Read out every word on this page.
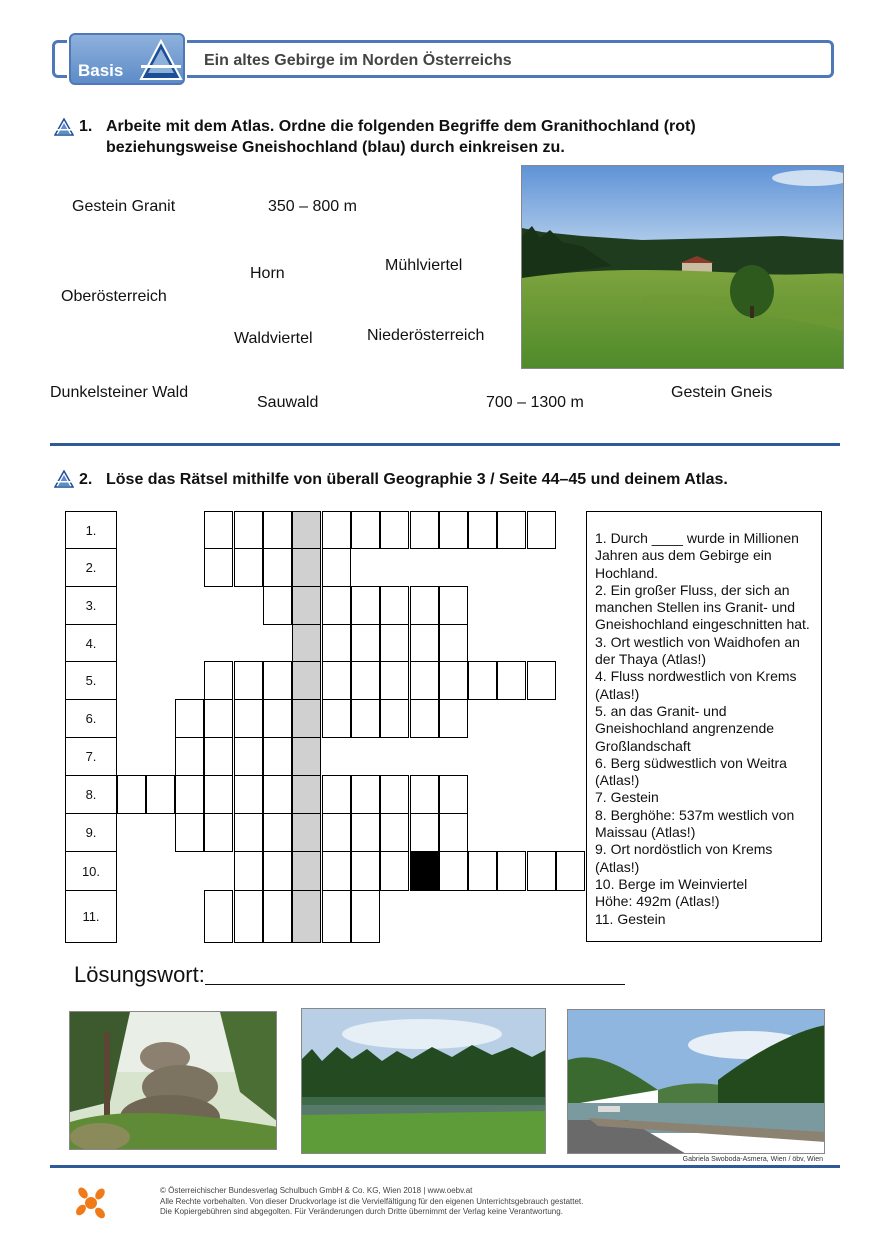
Basis
Ein altes Gebirge im Norden Österreichs
1. Arbeite mit dem Atlas. Ordne die folgenden Begriffe dem Granithochland (rot)
beziehungsweise Gneishochland (blau) durch einkreisen zu.
Gestein Granit	350 – 800 m
Horn	Mühlviertel
Oberösterreich
Waldviertel	Niederösterreich
Dunkelsteiner Wald
Sauwald	700 – 1300 m
Gestein Gneis
2. Löse das Rätsel mithilfe von überall Geographie 3 / Seite 44–45 und deinem Atlas.
1.
2.
3.
4.
5.
6.
7.
8.
9.
10.
11.
1. Durch ____ wurde in Millionen Jahren aus dem Gebirge ein Hochland.
2. Ein großer Fluss, der sich an manchen Stellen ins Granit- und Gneishochland eingeschnitten hat.
3. Ort westlich von Waidhofen an der Thaya (Atlas!)
4. Fluss nordwestlich von Krems (Atlas!)
5. an das Granit- und Gneishochland angrenzende Großlandschaft
6. Berg südwestlich von Weitra (Atlas!)
7. Gestein
8. Berghöhe: 537m westlich von Maissau (Atlas!)
9. Ort nordöstlich von Krems (Atlas!)
10. Berge im Weinviertel
Höhe: 492m (Atlas!)
11. Gestein
Lösungswort:
Gabriela Swoboda-Asmera, Wien / öbv, Wien
© Österreichischer Bundesverlag Schulbuch GmbH & Co. KG, Wien 2018 | www.oebv.at
Alle Rechte vorbehalten. Von dieser Druckvorlage ist die Vervielfältigung für den eigenen Unterrichtsgebrauch gestattet.
Die Kopiergebühren sind abgegolten. Für Veränderungen durch Dritte übernimmt der Verlag keine Verantwortung.
